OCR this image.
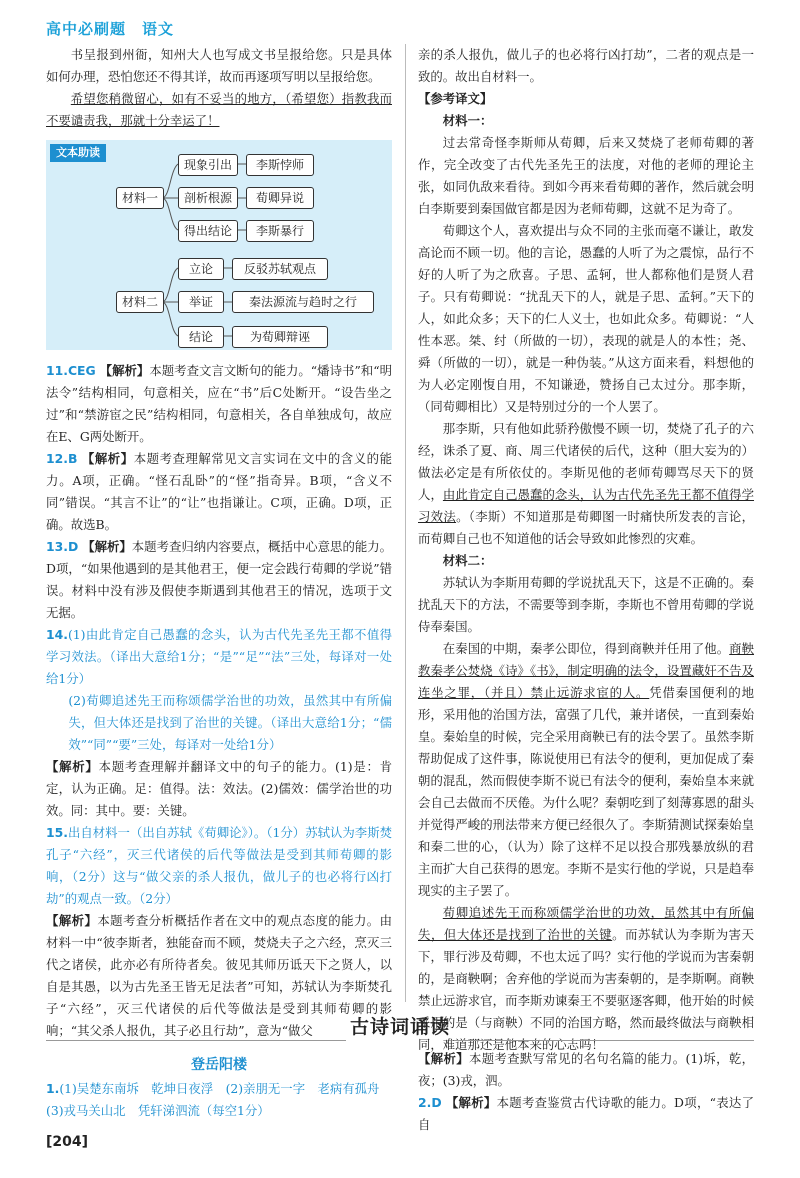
高中必刷题　语文

书呈报到州衙，知州大人也写成文书呈报给您。只是具体如何办理，恐怕您还不得其详，故而再逐项写明以呈报给您。

希望您稍微留心，如有不妥当的地方，（希望您）指教我而不要谴责我，那就十分幸运了！

文本助读
材料一
现象引出
剖析根源
得出结论
李斯悖师
荀卿异说
李斯暴行
材料二
立论
举证
结论
反驳苏轼观点
秦法源流与趋时之行
为荀卿辩诬

11.CEG 【解析】本题考查文言文断句的能力。“燔诗书”和“明法令”结构相同，句意相关，应在“书”后C处断开。“设告坐之过”和“禁游宦之民”结构相同，句意相关，各自单独成句，故应在E、G两处断开。

12.B 【解析】本题考查理解常见文言实词在文中的含义的能力。A项，正确。“怪石乱卧”的“怪”指奇异。B项，“含义不同”错误。“其言不让”的“让”也指谦让。C项，正确。D项，正确。故选B。

13.D 【解析】本题考查归纳内容要点，概括中心意思的能力。D项，“如果他遇到的是其他君王，便一定会践行荀卿的学说”错误。材料中没有涉及假使李斯遇到其他君王的情况，选项于文无据。

14.(1)由此肯定自己愚蠢的念头，认为古代先圣先王都不值得学习效法。（译出大意给1分；“是”“足”“法”三处，每译对一处给1分）

(2)荀卿追述先王而称颂儒学治世的功效，虽然其中有所偏失，但大体还是找到了治世的关键。（译出大意给1分；“儒效”“同”“要”三处，每译对一处给1分）

【解析】本题考查理解并翻译文中的句子的能力。(1)是：肯定，认为正确。足：值得。法：效法。(2)儒效：儒学治世的功效。同：其中。要：关键。

15.出自材料一（出自苏轼《荀卿论》）。（1分）苏轼认为李斯焚孔子“六经”，灭三代诸侯的后代等做法是受到其师荀卿的影响，（2分）这与“做父亲的杀人报仇，做儿子的也必将行凶打劫”的观点一致。（2分）

【解析】本题考查分析概括作者在文中的观点态度的能力。由材料一中“彼李斯者，独能奋而不顾，焚烧夫子之六经，烹灭三代之诸侯，此亦必有所待者矣。彼见其师历诋天下之贤人，以自是其愚，以为古先圣王皆无足法者”可知，苏轼认为李斯焚孔子“六经”，灭三代诸侯的后代等做法是受到其师荀卿的影响；“其父杀人报仇，其子必且行劫”，意为“做父

亲的杀人报仇，做儿子的也必将行凶打劫”，二者的观点是一致的。故出自材料一。

【参考译文】

材料一：

过去常奇怪李斯师从荀卿，后来又焚烧了老师荀卿的著作，完全改变了古代先圣先王的法度，对他的老师的理论主张，如同仇敌来看待。到如今再来看荀卿的著作，然后就会明白李斯要到秦国做官都是因为老师荀卿，这就不足为奇了。

荀卿这个人，喜欢提出与众不同的主张而毫不谦让，敢发高论而不顾一切。他的言论，愚蠢的人听了为之震惊，品行不好的人听了为之欣喜。子思、孟轲，世人都称他们是贤人君子。只有荀卿说：“扰乱天下的人，就是子思、孟轲。”天下的人，如此众多；天下的仁人义士，也如此众多。荀卿说：“人性本恶。桀、纣（所做的一切），表现的就是人的本性；尧、舜（所做的一切），就是一种伪装。”从这方面来看，料想他的为人必定刚愎自用，不知谦逊，赞扬自己太过分。那李斯，（同荀卿相比）又是特别过分的一个人罢了。

那李斯，只有他如此骄矜傲慢不顾一切，焚烧了孔子的六经，诛杀了夏、商、周三代诸侯的后代，这种（胆大妄为的）做法必定是有所依仗的。李斯见他的老师荀卿骂尽天下的贤人，由此肯定自己愚蠢的念头，认为古代先圣先王都不值得学习效法。（李斯）不知道那是荀卿图一时痛快所发表的言论，而荀卿自己也不知道他的话会导致如此惨烈的灾难。

材料二：

苏轼认为李斯用荀卿的学说扰乱天下，这是不正确的。秦扰乱天下的方法，不需要等到李斯，李斯也不曾用荀卿的学说侍奉秦国。

在秦国的中期，秦孝公即位，得到商鞅并任用了他。商鞅教秦孝公焚烧《诗》《书》，制定明确的法令，设置藏奸不告及连坐之罪，（并且）禁止远游求宦的人。凭借秦国便利的地形，采用他的治国方法，富强了几代，兼并诸侯，一直到秦始皇。秦始皇的时候，完全采用商鞅已有的法令罢了。虽然李斯帮助促成了这件事，陈说使用已有法令的便利，更加促成了秦朝的混乱，然而假使李斯不说已有法令的便利，秦始皇本来就会自己去做而不厌倦。为什么呢？秦朝吃到了刻薄寡恩的甜头并觉得严峻的刑法带来方便已经很久了。李斯猜测试探秦始皇和秦二世的心，（认为）除了这样不足以投合那残暴放纵的君主而扩大自己获得的恩宠。李斯不是实行他的学说，只是趋奉现实的主子罢了。

荀卿追述先王而称颂儒学治世的功效，虽然其中有所偏失，但大体还是找到了治世的关键。而苏轼认为李斯为害天下，罪行涉及荀卿，不也太远了吗？实行他的学说而为害秦朝的，是商鞅啊；舍弃他的学说而为害秦朝的，是李斯啊。商鞅禁止远游求官，而李斯劝谏秦王不要驱逐客卿，他开始的时候采用的是（与商鞅）不同的治国方略，然而最终做法与商鞅相同，难道那还是他本来的心志吗！

古诗词诵读
登岳阳楼
1.(1)吴楚东南坼　乾坤日夜浮　(2)亲朋无一字　老病有孤舟　(3)戎马关山北　凭轩涕泗流（每空1分）

【解析】本题考查默写常见的名句名篇的能力。(1)坼，乾，夜；(3)戎，泗。

2.D 【解析】本题考查鉴赏古代诗歌的能力。D项，“表达了自

[204]
